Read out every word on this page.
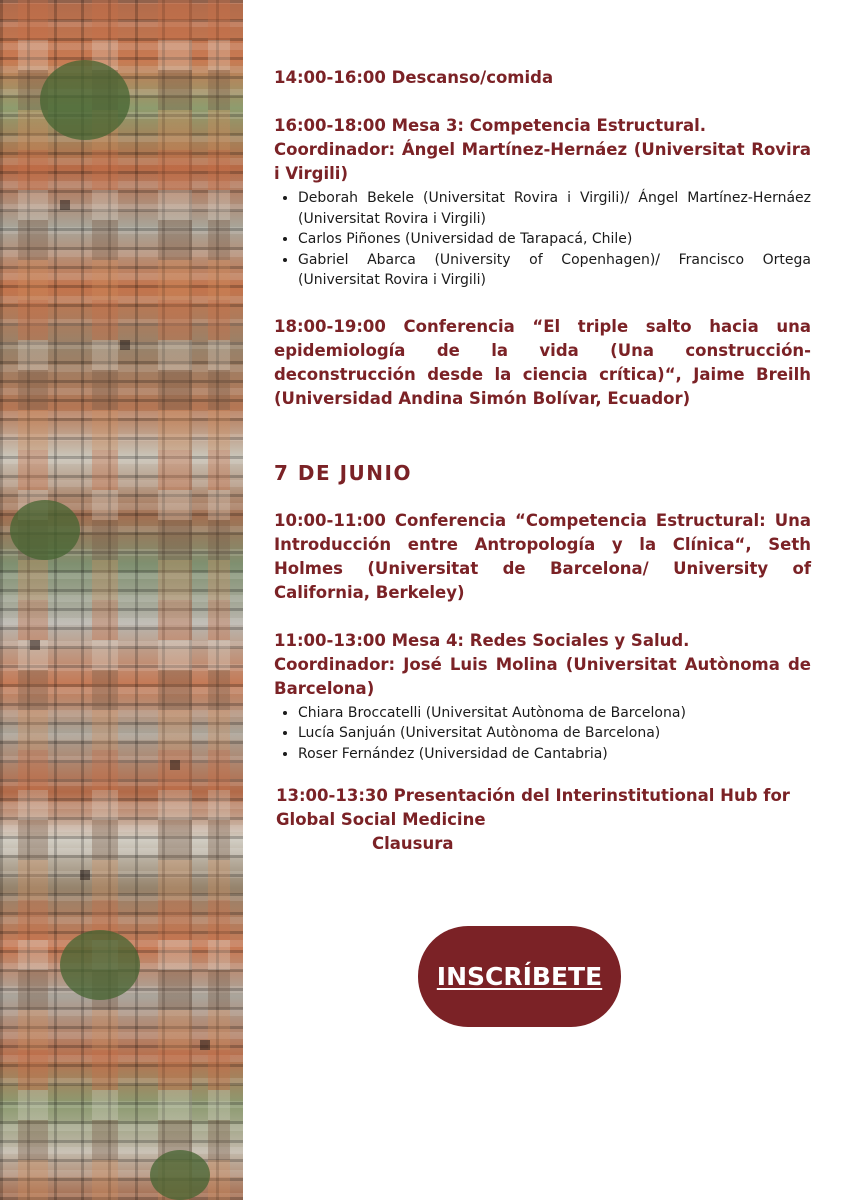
14:00-16:00 Descanso/comida
16:00-18:00 Mesa 3: Competencia Estructural.
Coordinador: Ángel Martínez-Hernáez (Universitat Rovira i Virgili)
• Deborah Bekele (Universitat Rovira i Virgili)/ Ángel Martínez-Hernáez (Universitat Rovira i Virgili)
• Carlos Piñones (Universidad de Tarapacá, Chile)
• Gabriel Abarca (University of Copenhagen)/ Francisco Ortega (Universitat Rovira i Virgili)
18:00-19:00 Conferencia “El triple salto hacia una epidemiología de la vida (Una construcción-deconstrucción desde la ciencia crítica)“, Jaime Breilh (Universidad Andina Simón Bolívar, Ecuador)
7 DE JUNIO
10:00-11:00 Conferencia “Competencia Estructural: Una Introducción entre Antropología y la Clínica“, Seth Holmes (Universitat de Barcelona/ University of California, Berkeley)
11:00-13:00 Mesa 4: Redes Sociales y Salud.
Coordinador: José Luis Molina (Universitat Autònoma de Barcelona)
• Chiara Broccatelli (Universitat Autònoma de Barcelona)
• Lucía Sanjuán (Universitat Autònoma de Barcelona)
• Roser Fernández (Universidad de Cantabria)
13:00-13:30 Presentación del Interinstitutional Hub for Global Social Medicine
Clausura
INSCRÍBETE
